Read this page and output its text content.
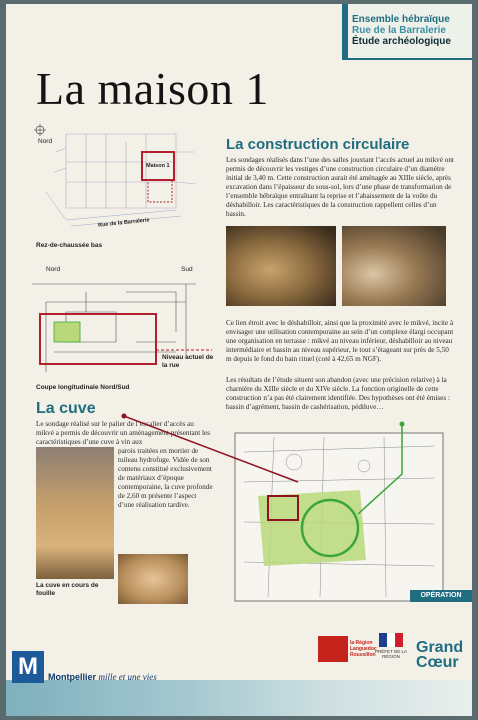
Ensemble hébraïque
Rue de la Barralerie
Étude archéologique
La maison 1
Nord
Maison 1
Rue de la Barralerie
Rez-de-chaussée bas
Nord	Sud
Niveau actuel de la rue
Coupe longitudinale Nord/Sud
La construction circulaire
Les sondages réalisés dans l’une des salles jouxtant l’accès actuel au mikvé ont permis de découvrir les vestiges d’une construction circulaire d’un diamètre initial de 3,40 m. Cette construction aurait été aménagée au XIIIe siècle, après excavation dans l’épaisseur du sous-sol, lors d’une phase de transformation de l’ensemble hébraïque entraînant la reprise et l’abaissement de la voûte du déshabilloir. Les caractéristiques de la construction rappellent celles d’un bassin.
Ce lien étroit avec le déshabilloir, ainsi que la proximité avec le mikvé, incite à envisager une utilisation contemporaine au sein d’un complexe élargi occupant une organisation en terrasse : mikvé au niveau inférieur, déshabilloir au niveau intermédiaire et bassin au niveau supérieur, le tout s’étageant sur près de 5,50 m depuis le fond du bain rituel (coté à 42,65 m NGF).
Les résultats de l’étude situent son abandon (avec une précision relative) à la charnière du XIIIe siècle et du XIVe siècle. La fonction originelle de cette construction n’a pas été clairement identifiée. Des hypothèses ont été émises : bassin d’agrément, bassin de cashérisation, pédiluve…
La cuve
Le sondage réalisé sur le palier de l’escalier d’accès au mikvé a permis de découvrir un aménagement présentant les caractéristiques d’une cuve à vin aux
parois traitées en mortier de tuileau hydrofuge. Vidée de son contenu constitué exclusivement de matériaux d’époque contemporaine, la cuve profonde de 2,60 m présente l’aspect d’une réalisation tardive.
La cuve en cours de fouille	OPÉRATION
la Région Languedoc Roussillon
PRÉFET DE LA RÉGION
Grand
Cœur
M	Montpellier mille et une vies
